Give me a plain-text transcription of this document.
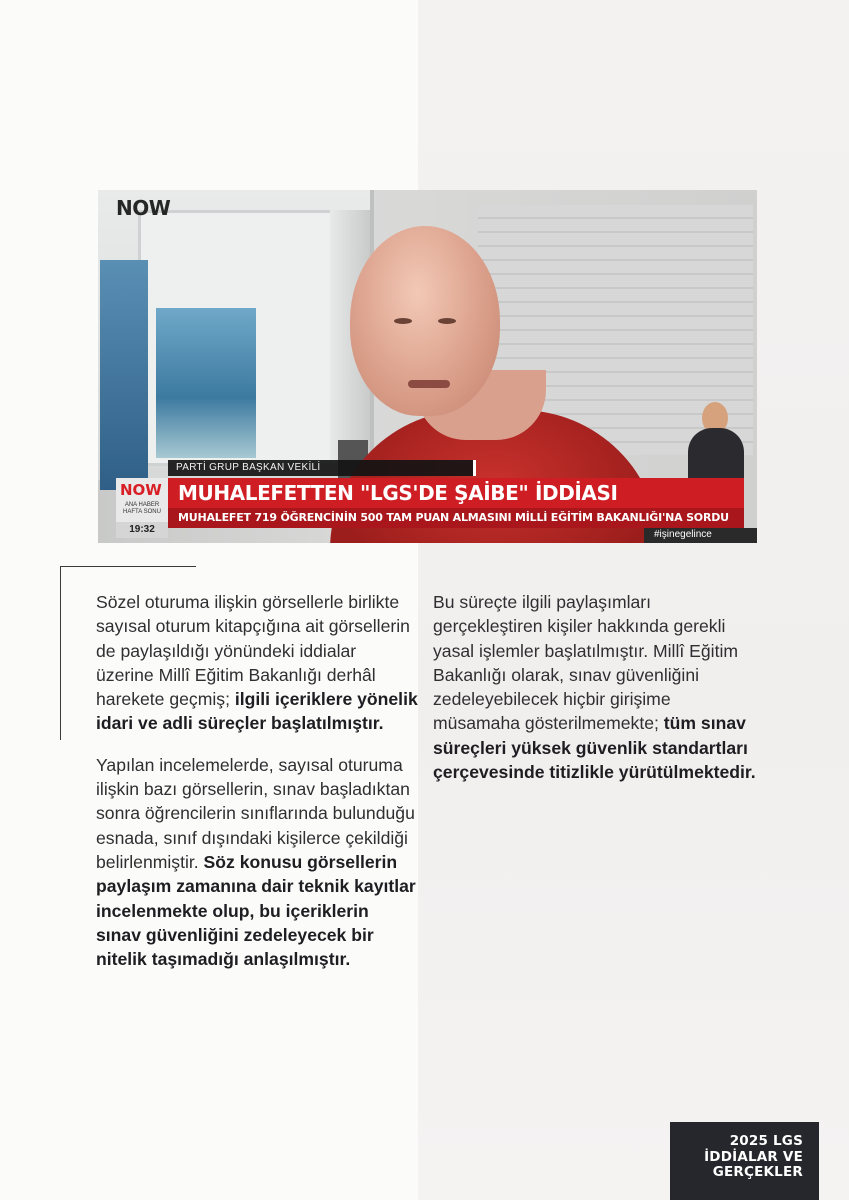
NOW
PARTİ GRUP BAŞKAN VEKİLİ
NOW
ANA HABER HAFTA SONU
19:32
MUHALEFETTEN "LGS'DE ŞAİBE" İDDİASI
MUHALEFET 719 ÖĞRENCİNİN 500 TAM PUAN ALMASINI MİLLİ EĞİTİM BAKANLIĞI'NA SORDU
#işinegelince

Sözel oturuma ilişkin görsellerle birlikte sayısal oturum kitapçığına ait görsellerin de paylaşıldığı yönündeki iddialar üzerine Millî Eğitim Bakanlığı derhâl harekete geçmiş; ilgili içeriklere yönelik idari ve adli süreçler başlatılmıştır.

Yapılan incelemelerde, sayısal oturuma ilişkin bazı görsellerin, sınav başladıktan sonra öğrencilerin sınıflarında bulunduğu esnada, sınıf dışındaki kişilerce çekildiği belirlenmiştir. Söz konusu görsellerin paylaşım zamanına dair teknik kayıtlar incelenmekte olup, bu içeriklerin sınav güvenliğini zedeleyecek bir nitelik taşımadığı anlaşılmıştır.

Bu süreçte ilgili paylaşımları gerçekleştiren kişiler hakkında gerekli yasal işlemler başlatılmıştır. Millî Eğitim Bakanlığı olarak, sınav güvenliğini zedeleyebilecek hiçbir girişime müsamaha gösterilmemekte; tüm sınav süreçleri yüksek güvenlik standartları çerçevesinde titizlikle yürütülmektedir.

2025 LGS
İDDİALAR VE
GERÇEKLER
